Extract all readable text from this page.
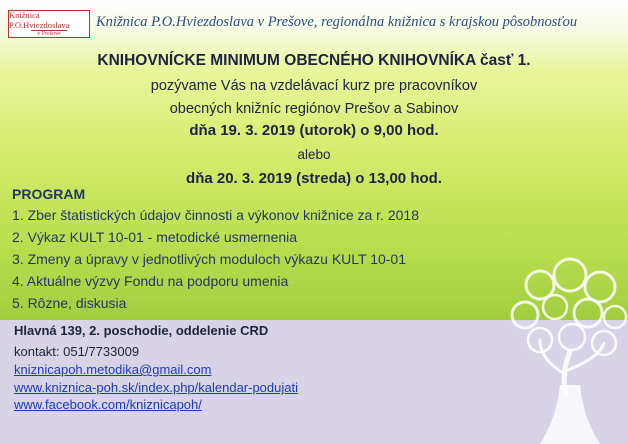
Knižnica P.O.Hviezdoslava
v Prešove
Knižnica P.O.Hviezdoslava v Prešove, regionálna knižnica s krajskou pôsobnosťou
KNIHOVNÍCKE MINIMUM OBECNÉHO KNIHOVNÍKA časť 1.
pozývame Vás na vzdelávací kurz pre pracovníkov
obecných knižníc regiónov Prešov a Sabinov
dňa 19. 3. 2019 (utorok) o 9,00 hod.
alebo
dňa 20. 3. 2019 (streda) o 13,00 hod.
PROGRAM
1. Zber štatistických údajov činnosti a výkonov knižnice za r. 2018
2. Výkaz KULT 10-01 - metodické usmernenia
3. Zmeny a úpravy v jednotlivých moduloch výkazu KULT 10-01
4. Aktuálne výzvy Fondu na podporu umenia
5. Rôzne, diskusia
Hlavná 139, 2. poschodie, oddelenie CRD
kontakt: 051/7733009
kniznicapoh.metodika@gmail.com
www.kniznica-poh.sk/index.php/kalendar-podujati
www.facebook.com/kniznicapoh/
